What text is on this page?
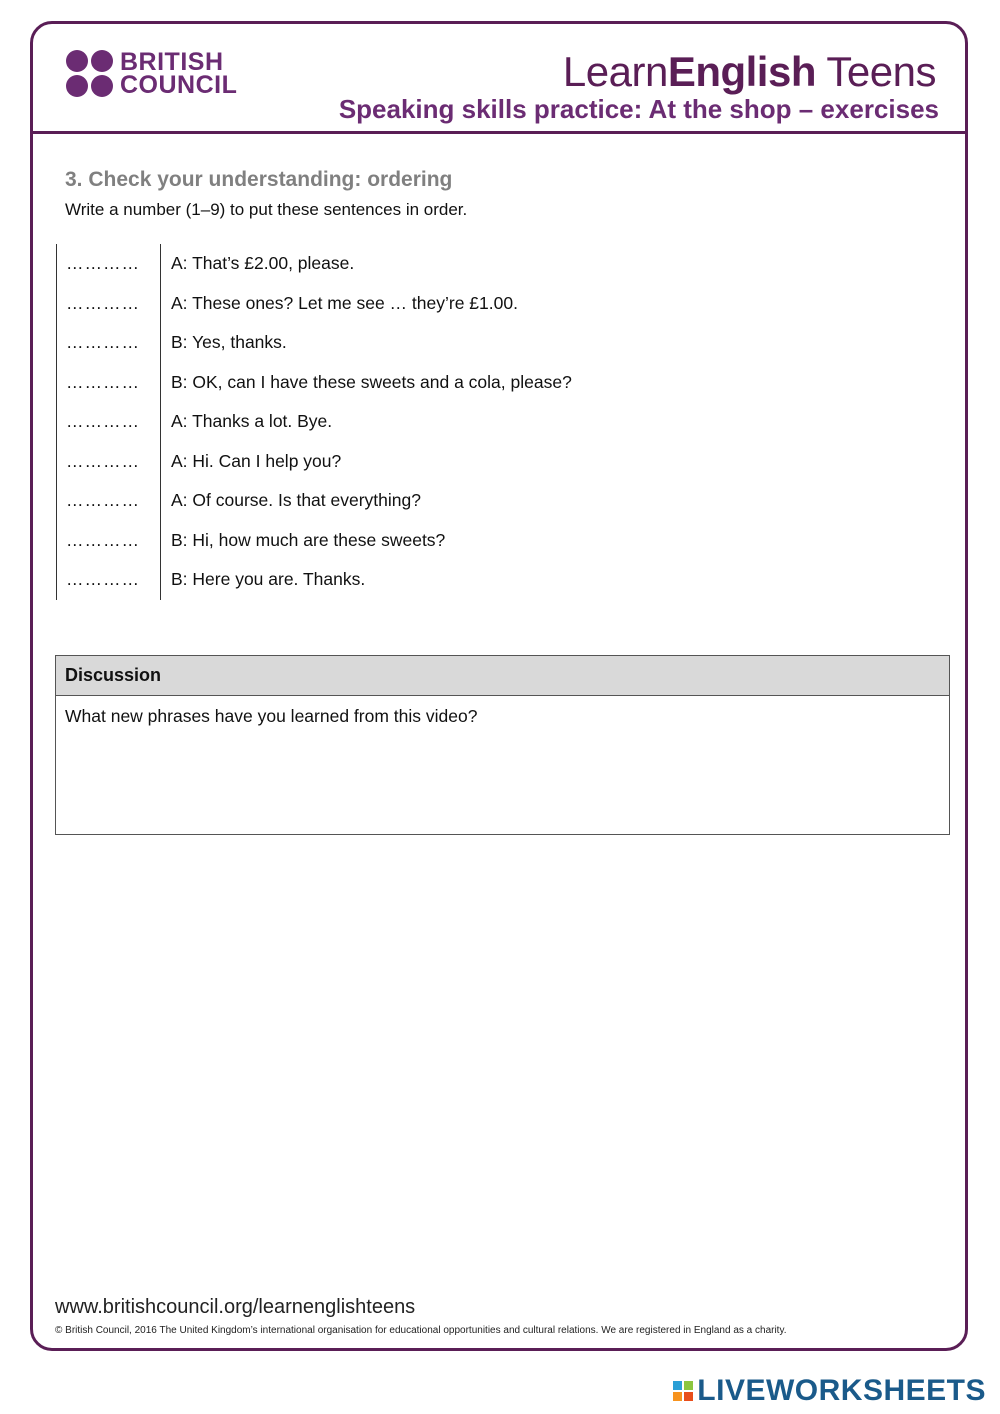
BRITISH
COUNCIL	LearnEnglish Teens
Speaking skills practice: At the shop – exercises
3. Check your understanding: ordering
Write a number (1–9) to put these sentences in order.
…………	A: That’s £2.00, please.
…………	A: These ones? Let me see … they’re £1.00.
…………	B: Yes, thanks.
…………	B: OK, can I have these sweets and a cola, please?
…………	A: Thanks a lot. Bye.
…………	A: Hi. Can I help you?
…………	A: Of course. Is that everything?
…………	B: Hi, how much are these sweets?
…………	B: Here you are. Thanks.
Discussion
What new phrases have you learned from this video?
www.britishcouncil.org/learnenglishteens
© British Council, 2016 The United Kingdom’s international organisation for educational opportunities and cultural relations. We are registered in England as a charity.
LIVEWORKSHEETS
